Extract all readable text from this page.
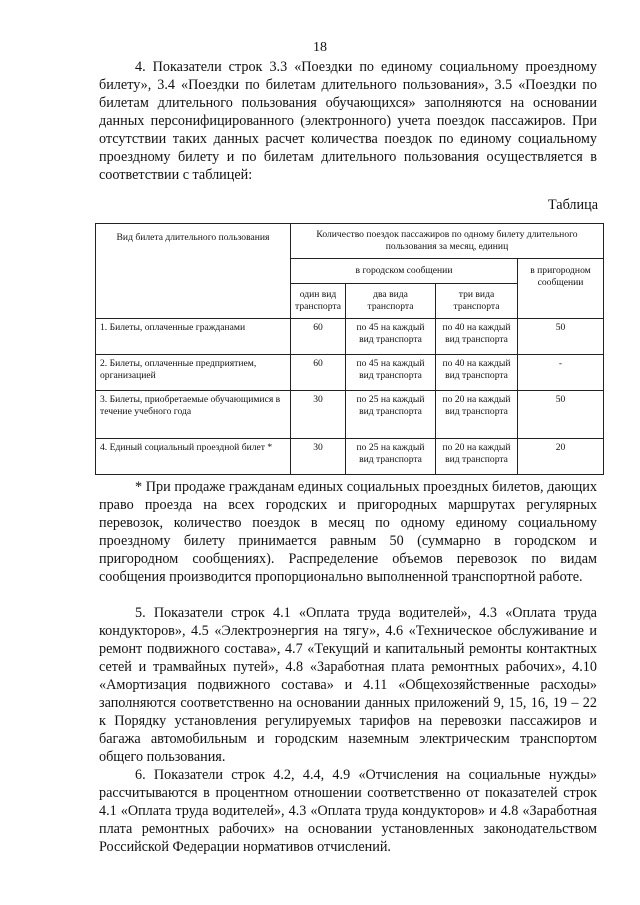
18

4. Показатели строк 3.3 «Поездки по единому социальному проездному билету», 3.4 «Поездки по билетам длительного пользования», 3.5 «Поездки по билетам длительного пользования обучающихся» заполняются на основании данных персонифицированного (электронного) учета поездок пассажиров. При отсутствии таких данных расчет количества поездок по единому социальному проездному билету и по билетам длительного пользования осуществляется в соответствии с таблицей:

Таблица
Вид билета длительного пользования	Количество поездок пассажиров по одному билету длительного пользования за месяц, единиц			
	в городском сообщении			в пригородном сообщении
	один вид транспорта	два вида транспорта	три вида транспорта	
1. Билеты, оплаченные гражданами	60	по 45 на каждый вид транспорта	по 40 на каждый вид транспорта	50
2. Билеты, оплаченные предприятием, организацией	60	по 45 на каждый вид транспорта	по 40 на каждый вид транспорта	-
3. Билеты, приобретаемые обучающимися в течение учебного года	30	по 25 на каждый вид транспорта	по 20 на каждый вид транспорта	50
4. Единый социальный проездной билет *	30	по 25 на каждый вид транспорта	по 20 на каждый вид транспорта	20

* При продаже гражданам единых социальных проездных билетов, дающих право проезда на всех городских и пригородных маршрутах регулярных перевозок, количество поездок в месяц по одному единому социальному проездному билету принимается равным 50 (суммарно в городском и пригородном сообщениях). Распределение объемов перевозок по видам сообщения производится пропорционально выполненной транспортной работе.

5. Показатели строк 4.1 «Оплата труда водителей», 4.3 «Оплата труда кондукторов», 4.5 «Электроэнергия на тягу», 4.6 «Техническое обслуживание и ремонт подвижного состава», 4.7 «Текущий и капитальный ремонты контактных сетей и трамвайных путей», 4.8 «Заработная плата ремонтных рабочих», 4.10 «Амортизация подвижного состава» и 4.11 «Общехозяйственные расходы» заполняются соответственно на основании данных приложений 9, 15, 16, 19 – 22 к Порядку установления регулируемых тарифов на перевозки пассажиров и багажа автомобильным и городским наземным электрическим транспортом общего пользования.

6. Показатели строк 4.2, 4.4, 4.9 «Отчисления на социальные нужды» рассчитываются в процентном отношении соответственно от показателей строк 4.1 «Оплата труда водителей», 4.3 «Оплата труда кондукторов» и 4.8 «Заработная плата ремонтных рабочих» на основании установленных законодательством Российской Федерации нормативов отчислений.
